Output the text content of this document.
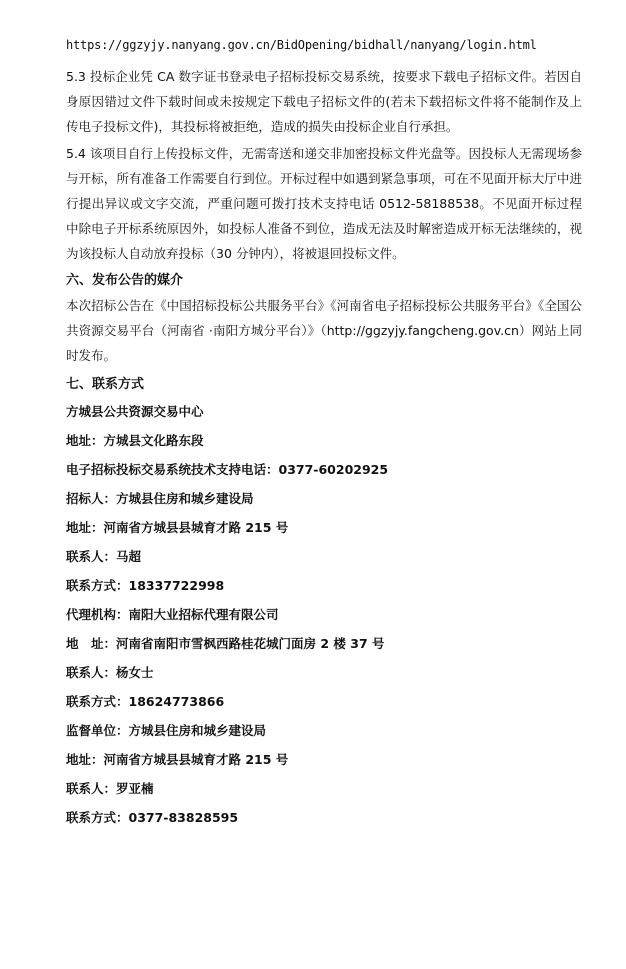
https://ggzyjy.nanyang.gov.cn/BidOpening/bidhall/nanyang/login.html

5.3 投标企业凭 CA 数字证书登录电子招标投标交易系统，按要求下载电子招标文件。若因自身原因错过文件下载时间或未按规定下载电子招标文件的(若未下载招标文件将不能制作及上传电子投标文件)，其投标将被拒绝，造成的损失由投标企业自行承担。

5.4 该项目自行上传投标文件，无需寄送和递交非加密投标文件光盘等。因投标人无需现场参与开标，所有准备工作需要自行到位。开标过程中如遇到紧急事项，可在不见面开标大厅中进行提出异议或文字交流，严重问题可拨打技术支持电话 0512-58188538。不见面开标过程中除电子开标系统原因外，如投标人准备不到位，造成无法及时解密造成开标无法继续的，视为该投标人自动放弃投标（30 分钟内），将被退回投标文件。

六、发布公告的媒介

本次招标公告在《中国招标投标公共服务平台》《河南省电子招标投标公共服务平台》《全国公共资源交易平台（河南省 ·南阳方城分平台）》（http://ggzyjy.fangcheng.gov.cn）网站上同时发布。

七、联系方式

方城县公共资源交易中心

地址：方城县文化路东段

电子招标投标交易系统技术支持电话：0377-60202925

招标人：方城县住房和城乡建设局

地址：河南省方城县县城育才路 215 号

联系人：马超

联系方式：18337722998

代理机构：南阳大业招标代理有限公司

地　址：河南省南阳市雪枫西路桂花城门面房 2 楼 37 号

联系人：杨女士

联系方式：18624773866

监督单位：方城县住房和城乡建设局

地址：河南省方城县县城育才路 215 号

联系人：罗亚楠

联系方式：0377-83828595
